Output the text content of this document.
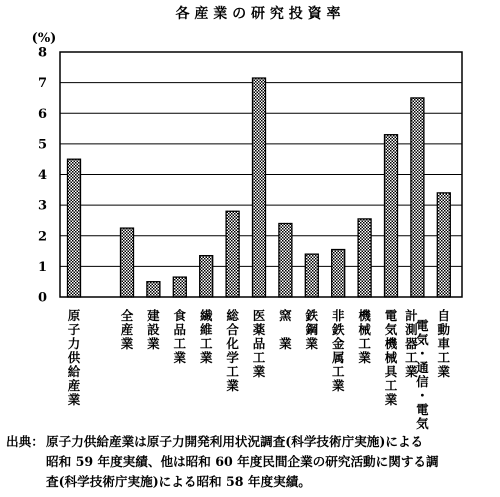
各 産 業 の 研 究 投 資 率
(%)
0
1
2
3
4
5
6
7
8
原
子
力
供
給
産
業
全
産
業
建
設
業
食
品
工
業
繊
維
工
業
総
合
化
学
工
業
医
薬
品
工
業
窯
業
鉄
鋼
業
非
鉄
金
属
工
業
機
械
工
業
電
気
機
械
具
工
業
電
気
・
通
信
・
電
気
計
測
器
工
業
自
動
車
工
業
出典： 原子力供給産業は原子力開発利用状況調査(科学技術庁実施)による
昭和 59 年度実績、他は昭和 60 年度民間企業の研究活動に関する調
査(科学技術庁実施)による昭和 58 年度実績。
